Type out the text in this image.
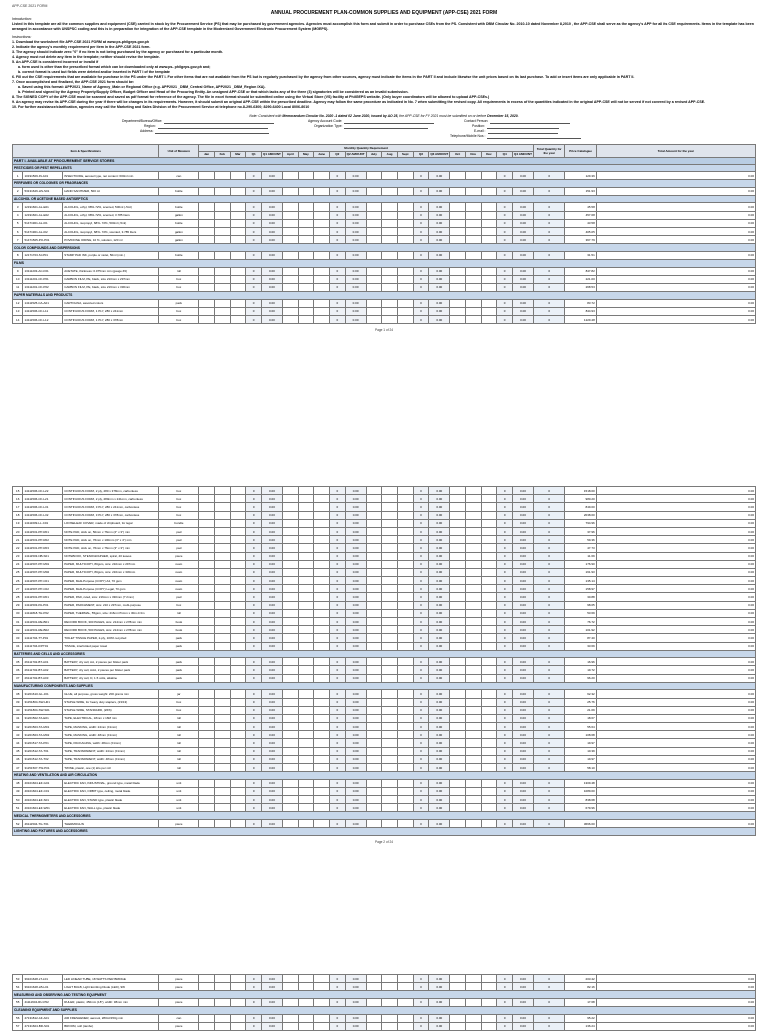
APP-CSE 2021 FORM
ANNUAL PROCUREMENT PLAN-COMMON SUPPLIES AND EQUIPMENT (APP-CSE) 2021 FORM

Introduction:

Listed in this template are all the common supplies and equipment (CSE) carried in stock by the Procurement Service (PS) that may be purchased by government agencies. Agencies must accomplish this form and submit in order to purchase CSEs from the PS. Consistent with DBM Circular No. 2010-10 dated November 8,2010 , the APP-CSE shall serve as the agency's APP for all its CSE requirements. Items in the template has been arranged in accordance with UNSPSC coding and this is in preparation for integration of the APP-CSE template in the Modernized Government Electronic Procurement System (MGEPS).

Instructions:

1. Download the worksheet file APP-CSE 2021 FORM at www.ps-philgeps.gov.ph

2. Indicate the agency's monthly requirement per item in the APP-CSE 2021 form.

3. The agency should indicate zero "0" if no item is not being purchased by the agency or purchased for a particular month.

4. Agency must not delete any item in the template; neither should revise the template.

5. An APP-CSE is considered incorrect or invalid if

a. form used is other than the prescribed format which can be downloaded only at www.ps- philgeps.gov.ph and;

b. correct format is used but fields were deleted and/or inserted in PART I of the template

6. Fill out the CSE requirements that are available for purchase in the PS under the PART I. For other items that are not available from the PS but is regularly purchased by the agency from other sources, agency must indicate the items in the PART II and include likewise the unit prices based on its last purchase. To add or insert items are only applicable in PART II.

7. Once accomplished and finalized, the APP-CSE 2021 form should be:

a. Saved using this format: APP2021_Name of Agency_Main or Regional Office (e.g. APP2021 _DBM_Central Office, APP2021 _DBM_Region IXA).

b. Printed and signed by the Agency Property/Supply Officer, Budget Officer and Head of the Procuring Entity. An unsigned APP-CSE or that which lacks any of the three (3) signatories will be considered as an invalid submission.

8. The SIGNED COPY of the APP-CSE must be scanned and saved as pdf format for reference of the agency. The file in excel format should be submitted online using the Virtual Store (VS) facility at PhilGEPS website. (Only buyer coordinators will be allowed to upload APP-CSEs.)

9. An agency may revise its APP-CSE during the year if there will be changes in its requirements. However, it should submit an original APP-CSE within the prescribed deadline. Agency may follow the same procedure as indicated in No. 7 when submitting the revised copy. All requirements in excess of the quantities indicated in the original APP-CSE will not be served if not covered by a revised APP-CSE.

10. For further assistance/clarification, agencies may call the Marketing and Sales Division of the Procurement Service at telephone no.8-290-6300; 8290-6400 Local 8006-8010

Note: Consistent with Memorandum Circular No. 2020 -1 dated 02 June 2020, issued by AO 25, the APP-CSE for FY 2021 must be submitted on or before December 15, 2020.
Department/Bureau/Office:
Region:
Address:
Agency Account Code:
Organization Type:
Contact Person:
Position:
E-mail :
Telephone/Mobile Nos :
Item & Specifications			Unit of Measure	Monthly Quantity Requirement																				Total Quantity for the year	Price Catalogue	Total Amount for the year
				Jan	Feb	Mar	Q1	Q1 AMOUNT	April	May	June	Q2	Q2 AMOUNT	July	Aug	Sept	Q3	Q3 AMOUNT	Oct	Nov	Dec	Q4	Q4 AMOUNT			
PART I. AVAILABLE AT PROCUREMENT SERVICE STORES																										
PESTICIDES OR PEST REPELLENTS																										
1	10191509-IN-A01	INSECTICIDE, aerosol type, net content: 600ml min	can				0	0.00				0	0.00				0	0.00				0	0.00	0	129.36	0.00
PERFUMES OR COLOGNES OR FRAGRANCES																										
2	53131626-HS-S01	HAND SANITIZER, 500 ml	bottle				0	0.00				0	0.00				0	0.00				0	0.00	0	151.93	0.00
ALCOHOL OR ACETONE BASED ANTISEPTICS																										
3	12191601-AL-E01	ALCOHOL, ethyl, 68%-72%, scented, 500ml (-5ml)	bottle				0	0.00				0	0.00				0	0.00				0	0.00	0	45.58	0.00
4	12191601-AL-E02	ALCOHOL, ethyl, 68%-72%, scented, 3.785 liters	gallon				0	0.00				0	0.00				0	0.00				0	0.00	0	457.68	0.00
5	51471901-AL-I01	ALCOHOL, isopropyl, 68%- 72%, 500ml (-5ml)	bottle				0	0.00				0	0.00				0	0.00				0	0.00	0	43.58	0.00
6	51471901-AL-I02	ALCOHOL, isopropyl, 68%- 72%, scented, 3.785 liters	gallon				0	0.00				0	0.00				0	0.00				0	0.00	0	405.05	0.00
7	51471505-PO-P01	POVIDONE IODINE, 10 %, solution, 120 ml	gallon				0	0.00				0	0.00				0	0.00				0	0.00	0	367.79	0.00
COLOR COMPOUNDS AND DISPERSIONS																										
8	12171703-SI-P01	STAMP PAD INK, purple or violet, 50ml (min.)	bottle				0	0.00				0	0.00				0	0.00				0	0.00	0	31.51	0.00
FILMS																										
9	13111203-AC-F01	ACETATE, thickness: 0.075mm min (gauge #3)	roll				0	0.00				0	0.00				0	0.00				0	0.00	0	847.82	0.00
10	13111201-CF-P01	CARBON FILM, PE, black, size 210mm x 297mm	box				0	0.00				0	0.00				0	0.00				0	0.00	0	221.00	0.00
11	13111201-CF-P02	CARBON FILM, PE, black, size 216mm x 330mm	box				0	0.00				0	0.00				0	0.00				0	0.00	0	268.53	0.00
PAPER MATERIALS AND PRODUCTS																										
12	14111525-CA-A01	CARTOLINA, assorted colors	pack				0	0.00				0	0.00				0	0.00				0	0.00	0	83.72	0.00
13	14111506-CF-L11	CONTINUOUS FORM, 1 PLY, 280 x 241mm	box				0	0.00				0	0.00				0	0.00				0	0.00	0	844.93	0.00
14	14111506-CF-L12	CONTINUOUS FORM, 1 PLY, 280 x 378mm	box				0	0.00				0	0.00				0	0.00				0	0.00	0	1229.48	0.00
Page 1 of 24
15	14111506-CF-L22	CONTINUOUS FORM, 2 ply, 280 x 378mm, carbonless	box				0	0.00				0	0.00				0	0.00				0	0.00	0	1518.00	0.00
16	14111506-CF-L21	CONTINUOUS FORM, 2 ply, 280mm x 241mm, carbonless	box				0	0.00				0	0.00				0	0.00				0	0.00	0	980.20	0.00
17	14111506-CF-L31	CONTINUOUS FORM, 3 PLY, 280 x 241mm, carbonless	box				0	0.00				0	0.00				0	0.00				0	0.00	0	849.00	0.00
18	14111506-CF-L32	CONTINUOUS FORM, 3 PLY, 280 x 378mm, carbonless	box				0	0.00				0	0.00				0	0.00				0	0.00	0	2038.00	0.00
19	14111609-LL-C01	LOOSELEAF COVER, made of chipboard, for legal	bundle				0	0.00				0	0.00				0	0.00				0	0.00	0	794.96	0.00
20	14111531-PP-R01	NOTE PAD, stick on, 50mm x 76mm (2" x 3") min	pad				0	0.00				0	0.00				0	0.00				0	0.00	0	37.96	0.00
21	14111531-PP-R02	NOTE PAD, stick on, 76mm x 100mm (3" x 4") min	pad				0	0.00				0	0.00				0	0.00				0	0.00	0	59.36	0.00
22	14111531-PP-R03	NOTE PAD, stick on, 76mm x 76mm (3" x 3") min	pad				0	0.00				0	0.00				0	0.00				0	0.00	0	47.73	0.00
23	14111503-NB-S01	NOTEBOOK, STENOGRAPHER, spiral, 40 leaves	piece				0	0.00				0	0.00				0	0.00				0	0.00	0	11.69	0.00
24	14111507-PP-M01	PAPER, MULTICOPY, 80gsm, size: 210mm x 297mm	ream				0	0.00				0	0.00				0	0.00				0	0.00	0	176.90	0.00
25	14111507-PP-M02	PAPER, MULTICOPY, 80gsm, size: 216mm x 330mm	ream				0	0.00				0	0.00				0	0.00				0	0.00	0	161.93	0.00
26	14111507-PP-C01	PAPER, Multi-Purpose (COPY) A4, 70 gsm	ream				0	0.00				0	0.00				0	0.00				0	0.00	0	135.14	0.00
27	14111507-PP-C02	PAPER, Multi-Purpose (COPY) Legal, 70 gsm	ream				0	0.00				0	0.00				0	0.00				0	0.00	0	158.97	0.00
28	14111531-PP-R01	PAPER, PAD, ruled, size: 216mm x 330mm (? 2mm)	pad				0	0.00				0	0.00				0	0.00				0	0.00	0	30.88	0.00
29	14111503-PA-P01	PAPER, PARCHMENT, size: 210 x 297mm, multi-purpose	box				0	0.00				0	0.00				0	0.00				0	0.00	0	98.05	0.00
30	14111818-TH-P02	PAPER, THERMAL, 55gsm, size: 216mm?1mm x 30m-0.3m	roll				0	0.00				0	0.00				0	0.00				0	0.00	0	53.69	0.00
31	14111531-RE-B01	RECORD BOOK, 300 PAGES, size: 214mm x 278mm min	book				0	0.00				0	0.00				0	0.00				0	0.00	0	76.72	0.00
32	14111531-RE-B02	RECORD BOOK, 500 PAGES, size: 214mm x 278mm min	book				0	0.00				0	0.00				0	0.00				0	0.00	0	101.92	0.00
33	14111704-TT-P01	TOILET TISSUE PAPER, 2-ply, 100% recycled	pack				0	0.00				0	0.00				0	0.00				0	0.00	0	87.40	0.00
34	14111704-IFPT01	TISSUE, interfolded paper towel	pack				0	0.00				0	0.00				0	0.00				0	0.00	0	33.69	0.00
BATTERIES AND CELLS AND ACCESSORIES																										
35	26111702-BT-A01	BATTERY, dry cell, AA, 2 pieces per blister pack	pack				0	0.00				0	0.00				0	0.00				0	0.00	0	16.96	0.00
36	26111702-BT-A02	BATTERY, dry cell, AAA, 2 pieces per blister pack	pack				0	0.00				0	0.00				0	0.00				0	0.00	0	19.72	0.00
37	26111702-BT-A03	BATTERY, dry cell, D, 1.5 volts, alkaline	pack				0	0.00				0	0.00				0	0.00				0	0.00	0	96.20	0.00
MANUFACTURING COMPONENTS AND SUPPLIES																										
38	31201610-GL-J01	GLUE, all purpose, gross weight: 200 grams min	jar				0	0.00				0	0.00				0	0.00				0	0.00	0	62.32	0.00
39	31151804-SW-H01	STAPLE WIRE, for heavy duty staplers, (23/13)	box				0	0.00				0	0.00				0	0.00				0	0.00	0	25.76	0.00
40	31151804-SW-S01	STAPLE WIRE, STANDARD, (26/6)	box				0	0.00				0	0.00				0	0.00				0	0.00	0	21.09	0.00
41	31201502-TA-E01	TAPE, ELECTRICAL, 18mm x 16M min	roll				0	0.00				0	0.00				0	0.00				0	0.00	0	18.67	0.00
42	31201503-TA-M01	TAPE, MASKING, width: 24mm (±1mm)	roll				0	0.00				0	0.00				0	0.00				0	0.00	0	55.64	0.00
43	31201503-TA-M02	TAPE, MASKING, width: 48mm (±1mm)	roll				0	0.00				0	0.00				0	0.00				0	0.00	0	108.68	0.00
44	31201517-TA-P01	TAPE, PACKAGING, width: 48mm (±1mm)	roll				0	0.00				0	0.00				0	0.00				0	0.00	0	19.97	0.00
45	31201512-TA-T01	TAPE, TRANSPARENT, width: 24mm (±1mm)	roll				0	0.00				0	0.00				0	0.00				0	0.00	0	10.39	0.00
46	31201512-TA-T02	TAPE, TRANSPARENT, width: 48mm (±1mm)	roll				0	0.00				0	0.00				0	0.00				0	0.00	0	19.97	0.00
47	31151507-TW-P01	TWINE, plastic, one (1) kilo per roll	roll				0	0.00				0	0.00				0	0.00				0	0.00	0	58.10	0.00
HEATING AND VENTILATION AND AIR CIRCULATION																										
48	40101604-EF-G01	ELECTRIC FAN, INDUSTRIAL, ground type, metal blade	unit				0	0.00				0	0.00				0	0.00				0	0.00	0	1309.48	0.00
49	40101604-EF-C01	ELECTRIC FAN, ORBIT type, ceiling, metal blade	unit				0	0.00				0	0.00				0	0.00				0	0.00	0	1089.00	0.00
50	40101604-EF-S01	ELECTRIC FAN, STAND type, plastic blade	unit				0	0.00				0	0.00				0	0.00				0	0.00	0	838.68	0.00
51	40101604-EF-W01	ELECTRIC FAN, WALL type, plastic blade	unit				0	0.00				0	0.00				0	0.00				0	0.00	0	679.96	0.00
MEDICAL THERMOMETERS AND ACCESSORIES																										
52	46111504-TG-T01	THERMOGUN	piece				0	0.00				0	0.00				0	0.00				0	0.00	0	3666.00	0.00
LIGHTING AND FIXTURES AND ACCESSORIES																										
Page 2 of 24
53	39101628-LT-L01	LED LINEAR TUBE, 18 WATTS PER BRIDGE	piece				0	0.00				0	0.00				0	0.00				0	0.00	0	203.42	0.00
54	39101628-LB-L01	LIGHT BULB, Light Emitting Diode (LED), 9W	piece				0	0.00				0	0.00				0	0.00				0	0.00	0	82.16	0.00
MEASURING AND OBSERVING AND TESTING EQUIPMENT																										
55	41111604-RU-P02	RULER, plastic, 450mm (18"), width: 38mm min	piece				0	0.00				0	0.00				0	0.00				0	0.00	0	17.68	0.00
CLEANING EQUIPMENT AND SUPPLIES																										
56	47131812-AF-A01	AIR FRESHENER, aerosol, 280ml/150g min	can				0	0.00				0	0.00				0	0.00				0	0.00	0	95.22	0.00
57	47131604-BR-S01	BROOM, soft (tambo)	piece				0	0.00				0	0.00				0	0.00				0	0.00	0	136.24	0.00
